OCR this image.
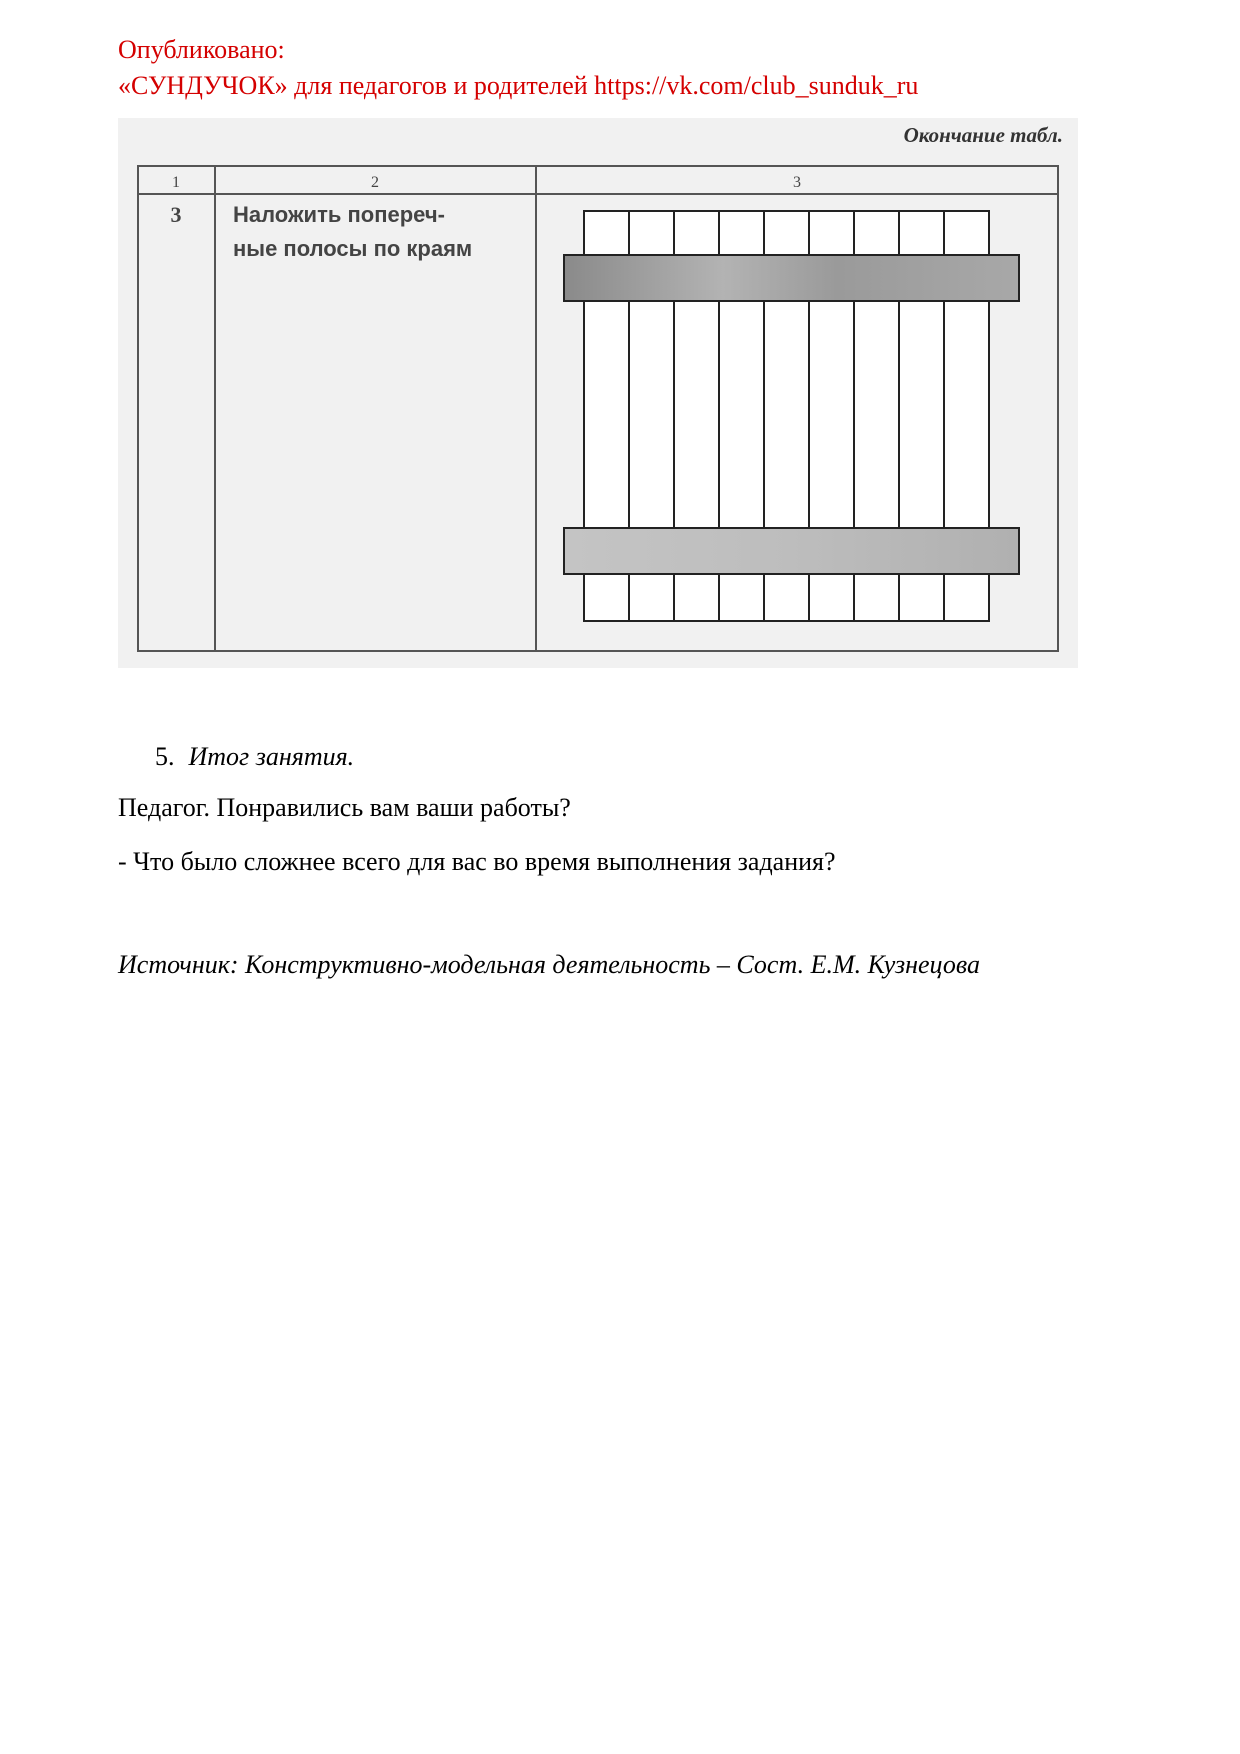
Опубликовано:
«СУНДУЧОК» для педагогов и родителей https://vk.com/club_sunduk_ru
Окончание табл.
1	2	3
3 Наложить попереч-
ные полосы по краям
5. Итог занятия.
Педагог. Понравились вам ваши работы?
- Что было сложнее всего для вас во время выполнения задания?
Источник: Конструктивно-модельная деятельность – Сост. Е.М. Кузнецова
